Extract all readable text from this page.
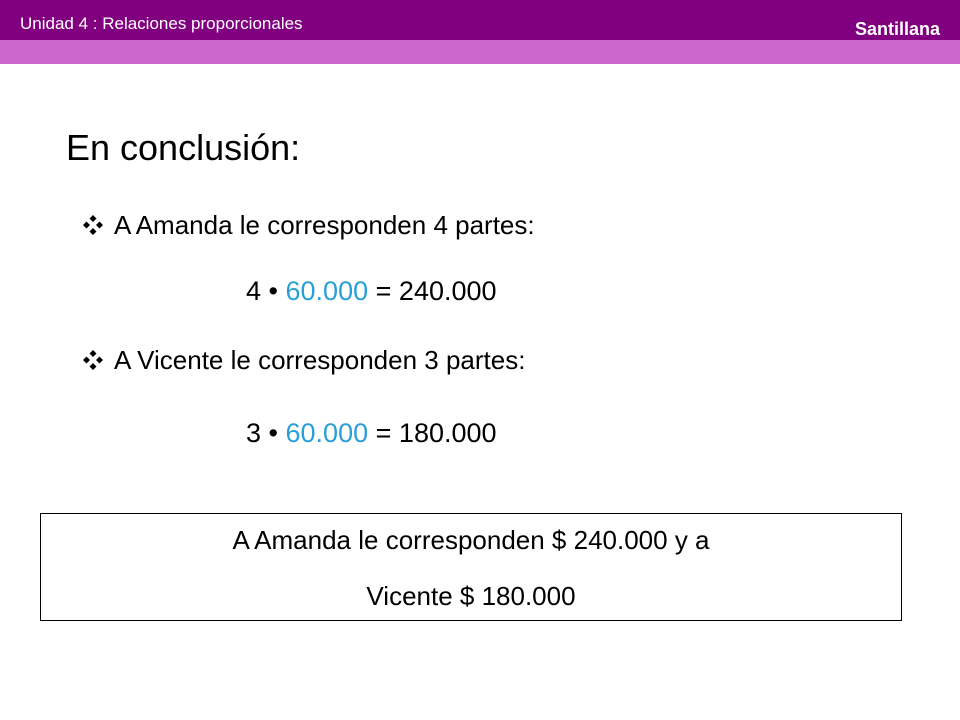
Unidad 4 : Relaciones proporcionales	Santillana
En conclusión:
A Amanda le corresponden 4 partes:
4 • 60.000 = 240.000
A Vicente le corresponden 3 partes:
3 • 60.000 = 180.000
A Amanda le corresponden $ 240.000 y a
Vicente $ 180.000
